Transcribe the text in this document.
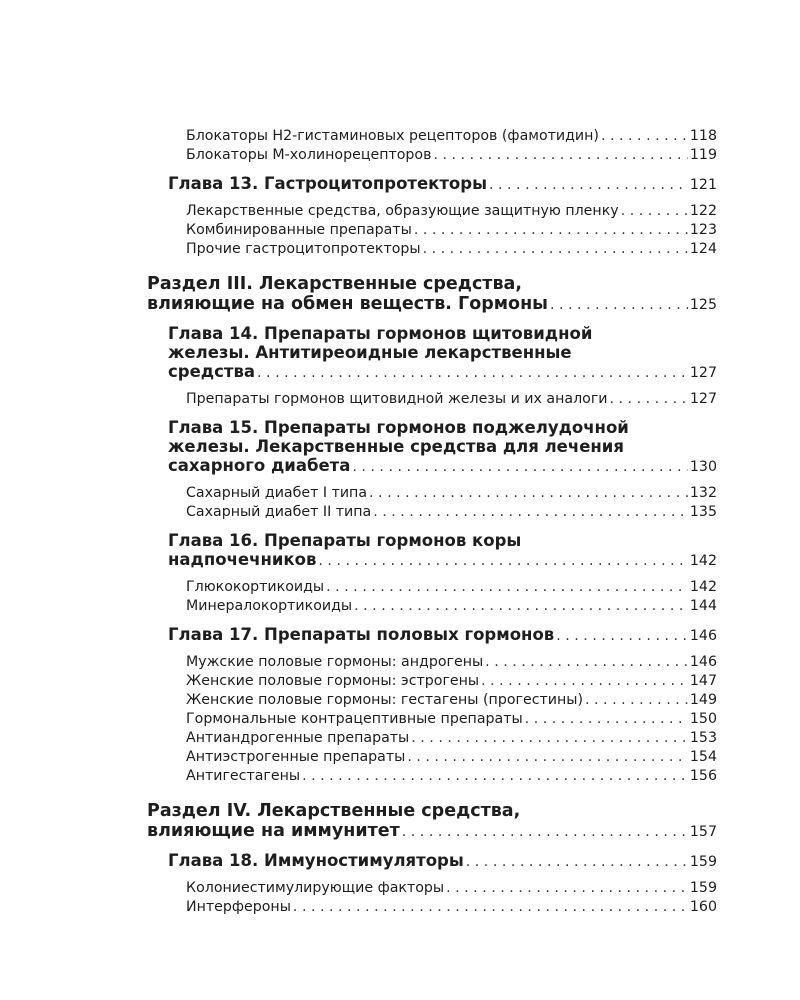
Блокаторы Н2-гистаминовых рецепторов (фамотидин) . . .	118
Блокаторы М-холинорецепторов . . .	119
Глава 13. Гастроцитопротекторы . . .	121
Лекарственные средства, образующие защитную пленку . . .	122
Комбинированные препараты . . .	123
Прочие гастроцитопротекторы . . .	124
Раздел III. Лекарственные средства,
влияющие на обмен веществ. Гормоны . . .	125
Глава 14. Препараты гормонов щитовидной
железы. Антитиреоидные лекарственные
средства . . .	127
Препараты гормонов щитовидной железы и их аналоги . . .	127
Глава 15. Препараты гормонов поджелудочной
железы. Лекарственные средства для лечения
сахарного диабета . . .	130
Сахарный диабет I типа . . .	132
Сахарный диабет II типа . . .	135
Глава 16. Препараты гормонов коры
надпочечников . . .	142
Глюкокортикоиды . . .	142
Минералокортикоиды . . .	144
Глава 17. Препараты половых гормонов . . .	146
Мужские половые гормоны: андрогены . . .	146
Женские половые гормоны: эстрогены . . .	147
Женские половые гормоны: гестагены (прогестины) . . .	149
Гормональные контрацептивные препараты . . .	150
Антиандрогенные препараты . . .	153
Антиэстрогенные препараты . . .	154
Антигестагены . . .	156
Раздел IV. Лекарственные средства,
влияющие на иммунитет . . .	157
Глава 18. Иммуностимуляторы . . .	159
Колониестимулирующие факторы . . .	159
Интерфероны . . .	160
